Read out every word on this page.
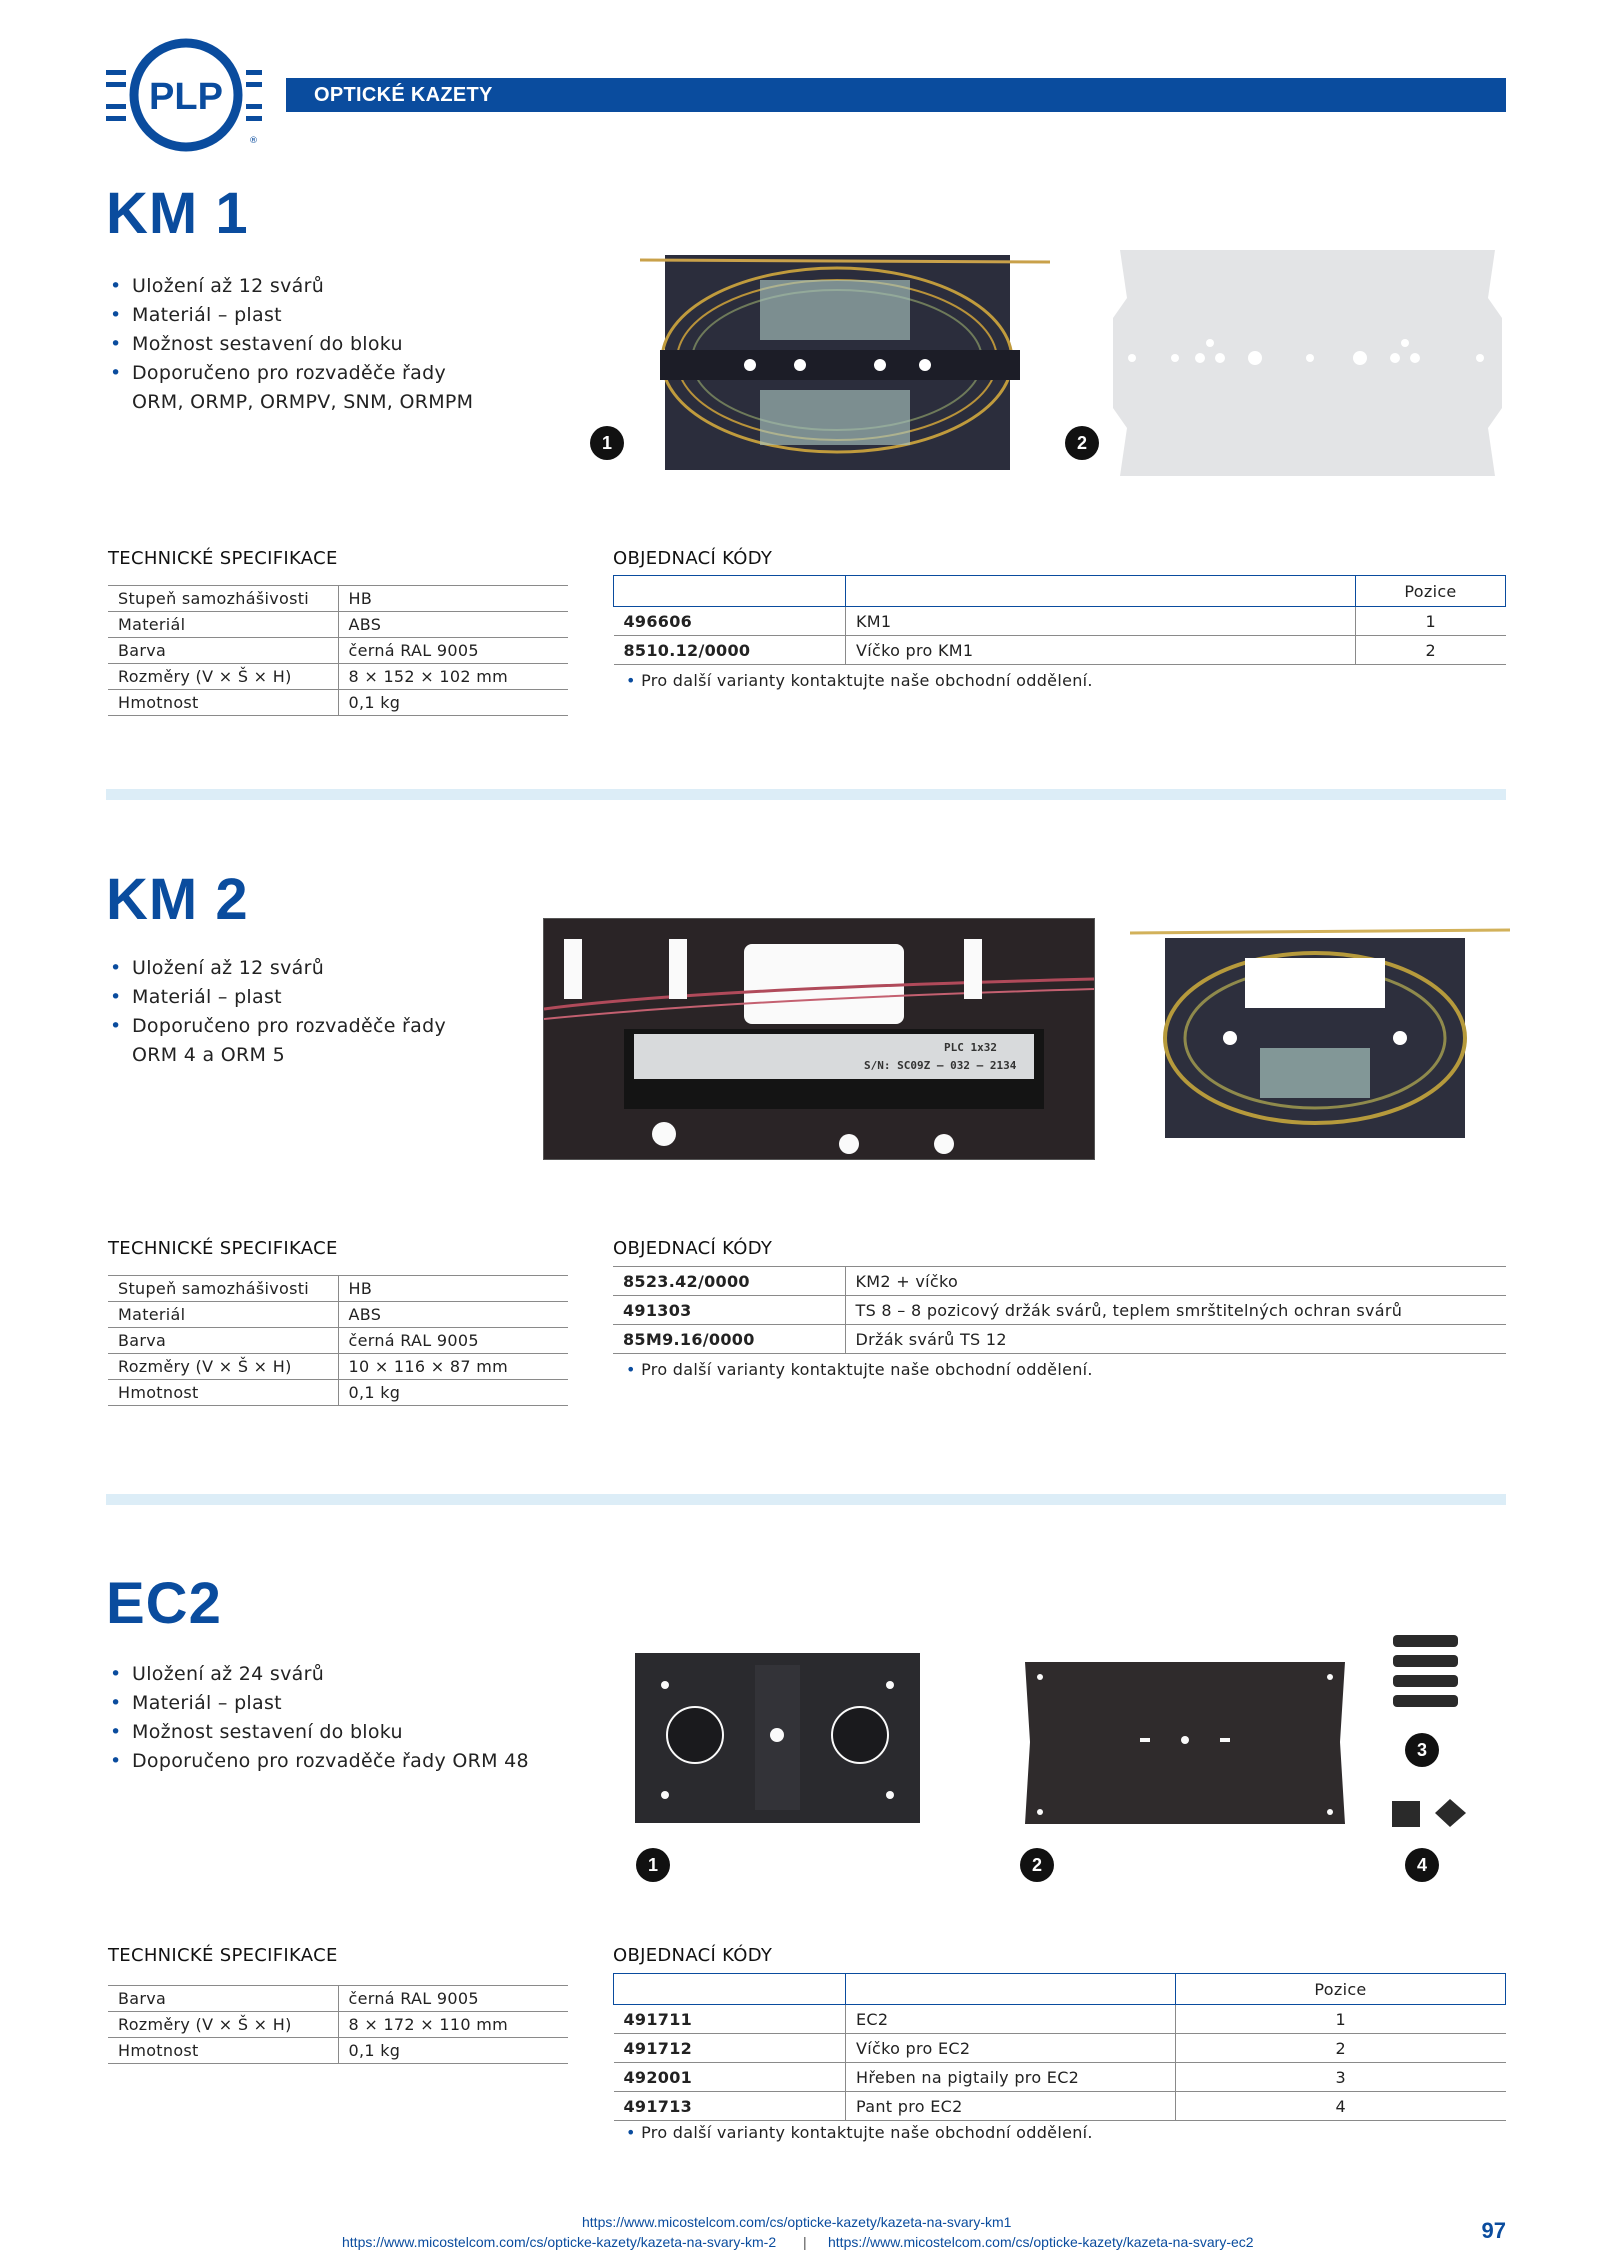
PLP
®
OPTICKÉ KAZETY
KM 1
• Uložení až 12 svárů
• Materiál – plast
• Možnost sestavení do bloku
• Doporučeno pro rozvaděče řady ORM, ORMP, ORMPV, SNM, ORMPM
1	2
TECHNICKÉ SPECIFIKACE	OBJEDNACÍ KÓDY
Stupeň samozhášivosti	HB
Materiál	ABS
Barva	černá RAL 9005
Rozměry (V × Š × H)	8 × 152 × 102 mm
Hmotnost	0,1 kg
		Pozice
496606	KM1	1
8510.12/0000	Víčko pro KM1	2
• Pro další varianty kontaktujte naše obchodní oddělení.
KM 2
• Uložení až 12 svárů
• Materiál – plast
• Doporučeno pro rozvaděče řady ORM 4 a ORM 5	PLC 1x32
S/N: SC09Z – 032 – 2134
TECHNICKÉ SPECIFIKACE	OBJEDNACÍ KÓDY
Stupeň samozhášivosti	HB
Materiál	ABS
Barva	černá RAL 9005
Rozměry (V × Š × H)	10 × 116 × 87 mm
Hmotnost	0,1 kg
8523.42/0000	KM2 + víčko
491303	TS 8 – 8 pozicový držák svárů, teplem smrštitelných ochran svárů
85M9.16/0000	Držák svárů TS 12
• Pro další varianty kontaktujte naše obchodní oddělení.
EC2
• Uložení až 24 svárů
• Materiál – plast
• Možnost sestavení do bloku
• Doporučeno pro rozvaděče řady ORM 48
1	2
3
4
TECHNICKÉ SPECIFIKACE	OBJEDNACÍ KÓDY
Barva	černá RAL 9005
Rozměry (V × Š × H)	8 × 172 × 110 mm
Hmotnost	0,1 kg
		Pozice
491711	EC2	1
491712	Víčko pro EC2	2
492001	Hřeben na pigtaily pro EC2	3
491713	Pant pro EC2	4
• Pro další varianty kontaktujte naše obchodní oddělení.
https://www.micostelcom.com/cs/opticke-kazety/kazeta-na-svary-km1
https://www.micostelcom.com/cs/opticke-kazety/kazeta-na-svary-km-2 | https://www.micostelcom.com/cs/opticke-kazety/kazeta-na-svary-ec2	97
